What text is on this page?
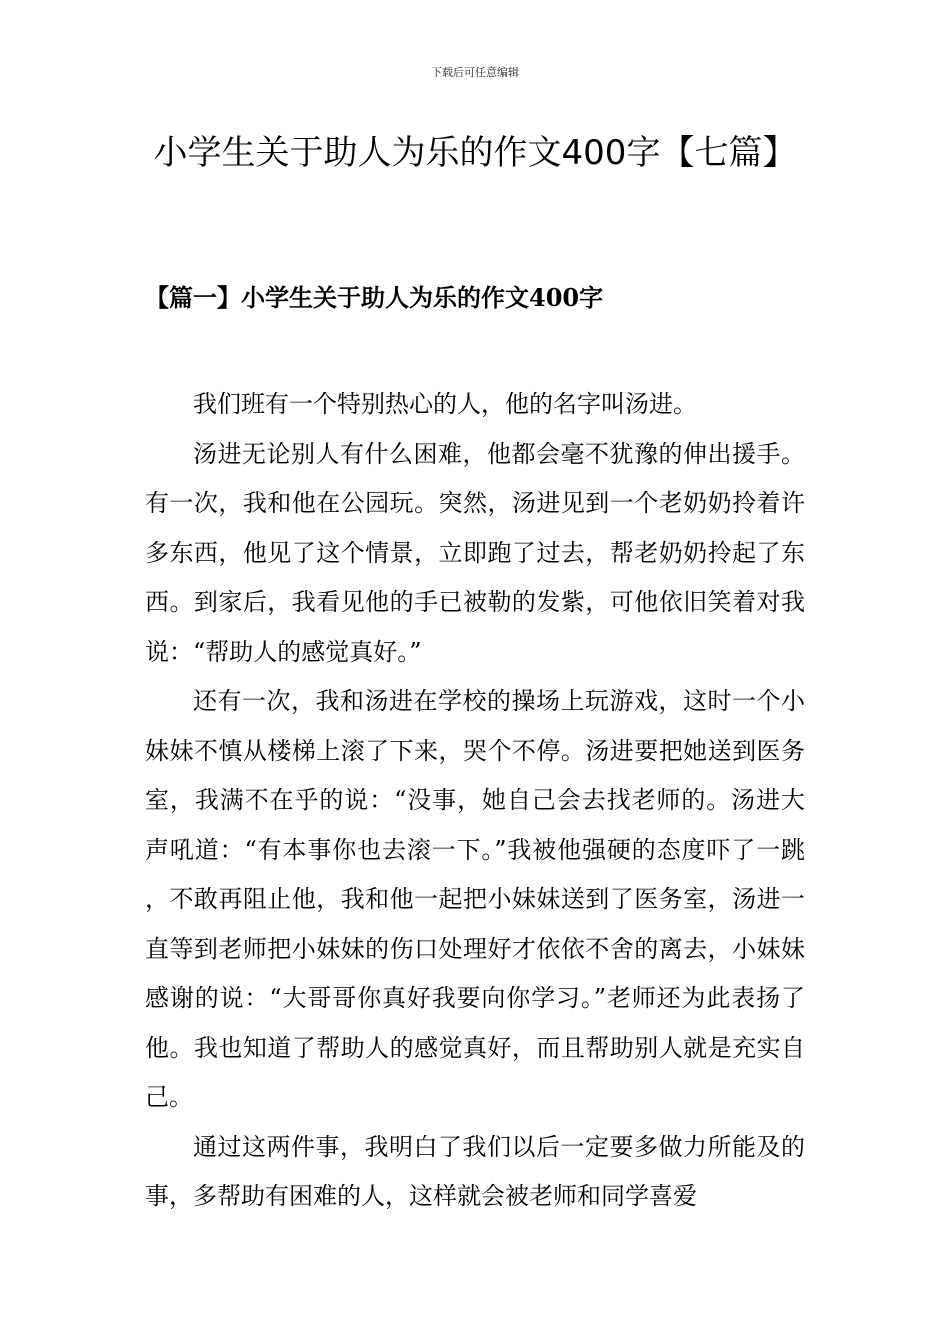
下载后可任意编辑
小学生关于助人为乐的作文400字【七篇】
【篇一】小学生关于助人为乐的作文400字

我们班有一个特别热心的人，他的名字叫汤进。

汤进无论别人有什么困难，他都会毫不犹豫的伸出援手。有一次，我和他在公园玩。突然，汤进见到一个老奶奶拎着许多东西，他见了这个情景，立即跑了过去，帮老奶奶拎起了东西。到家后，我看见他的手已被勒的发紫，可他依旧笑着对我说：“帮助人的感觉真好。”

还有一次，我和汤进在学校的操场上玩游戏，这时一个小妹妹不慎从楼梯上滚了下来，哭个不停。汤进要把她送到医务室，我满不在乎的说：“没事，她自己会去找老师的。汤进大声吼道：“有本事你也去滚一下。”我被他强硬的态度吓了一跳，不敢再阻止他，我和他一起把小妹妹送到了医务室，汤进一直等到老师把小妹妹的伤口处理好才依依不舍的离去，小妹妹感谢的说：“大哥哥你真好我要向你学习。”老师还为此表扬了他。我也知道了帮助人的感觉真好，而且帮助别人就是充实自己。

通过这两件事，我明白了我们以后一定要多做力所能及的事，多帮助有困难的人，这样就会被老师和同学喜爱
